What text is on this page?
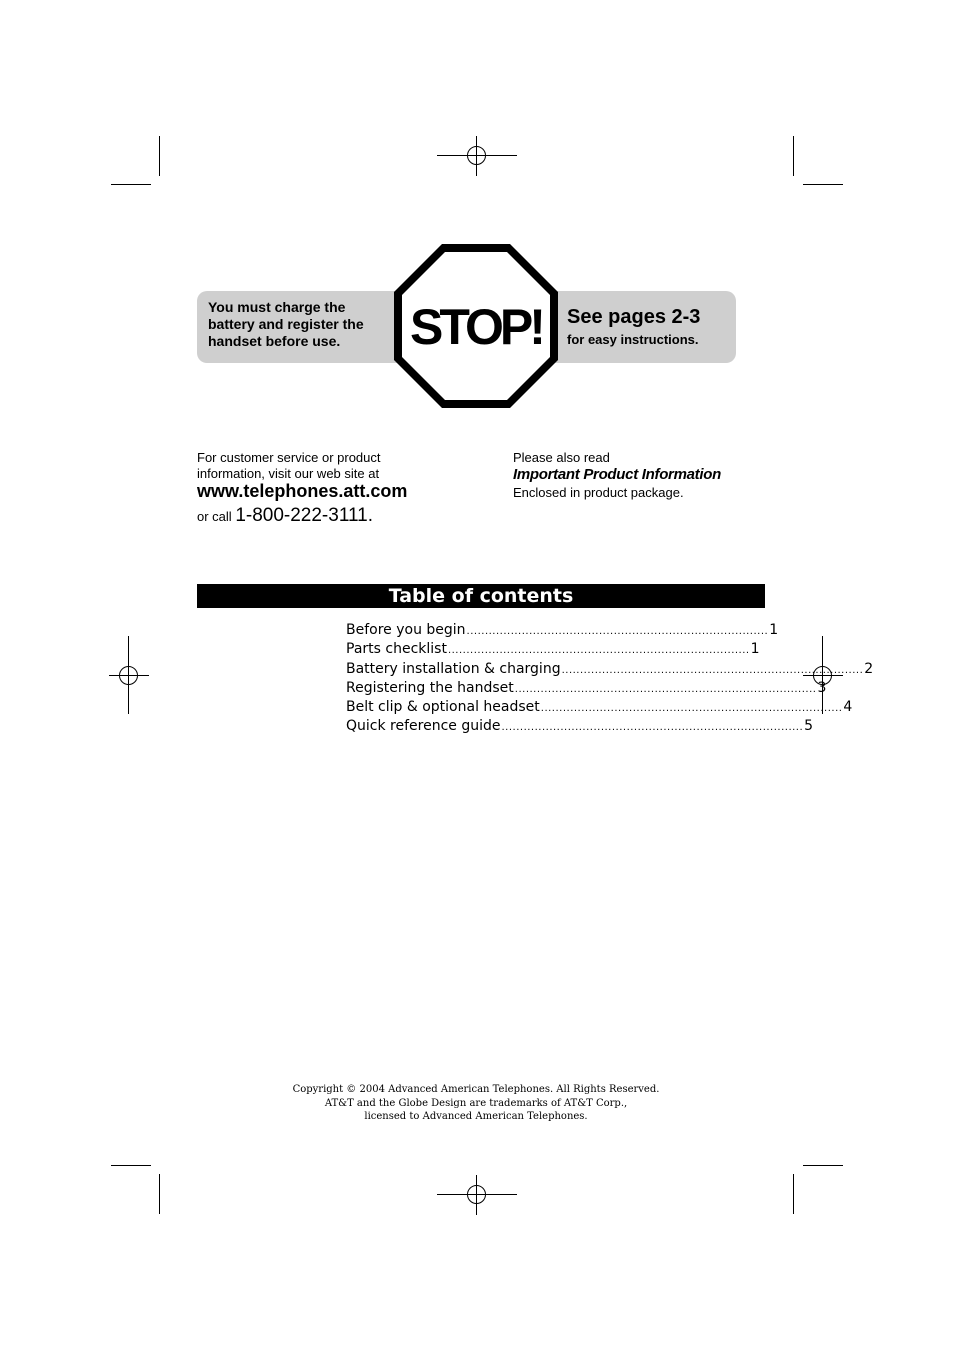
You must charge the battery and register the handset before use.	STOP!	See pages 2-3
for easy instructions.
For customer service or product
information, visit our web site at
www.telephones.att.com
or call 1-800-222-3111.
Please also read
Important Product Information
Enclosed in product package.
Table of contents
Before you begin .................................................................................. 1
Parts checklist .................................................................................. 1
Battery installation & charging .................................................................................. 2
Registering the handset .................................................................................. 3
Belt clip & optional headset .................................................................................. 4
Quick reference guide .................................................................................. 5
Copyright © 2004 Advanced American Telephones. All Rights Reserved.
AT&T and the Globe Design are trademarks of AT&T Corp.,
licensed to Advanced American Telephones.
